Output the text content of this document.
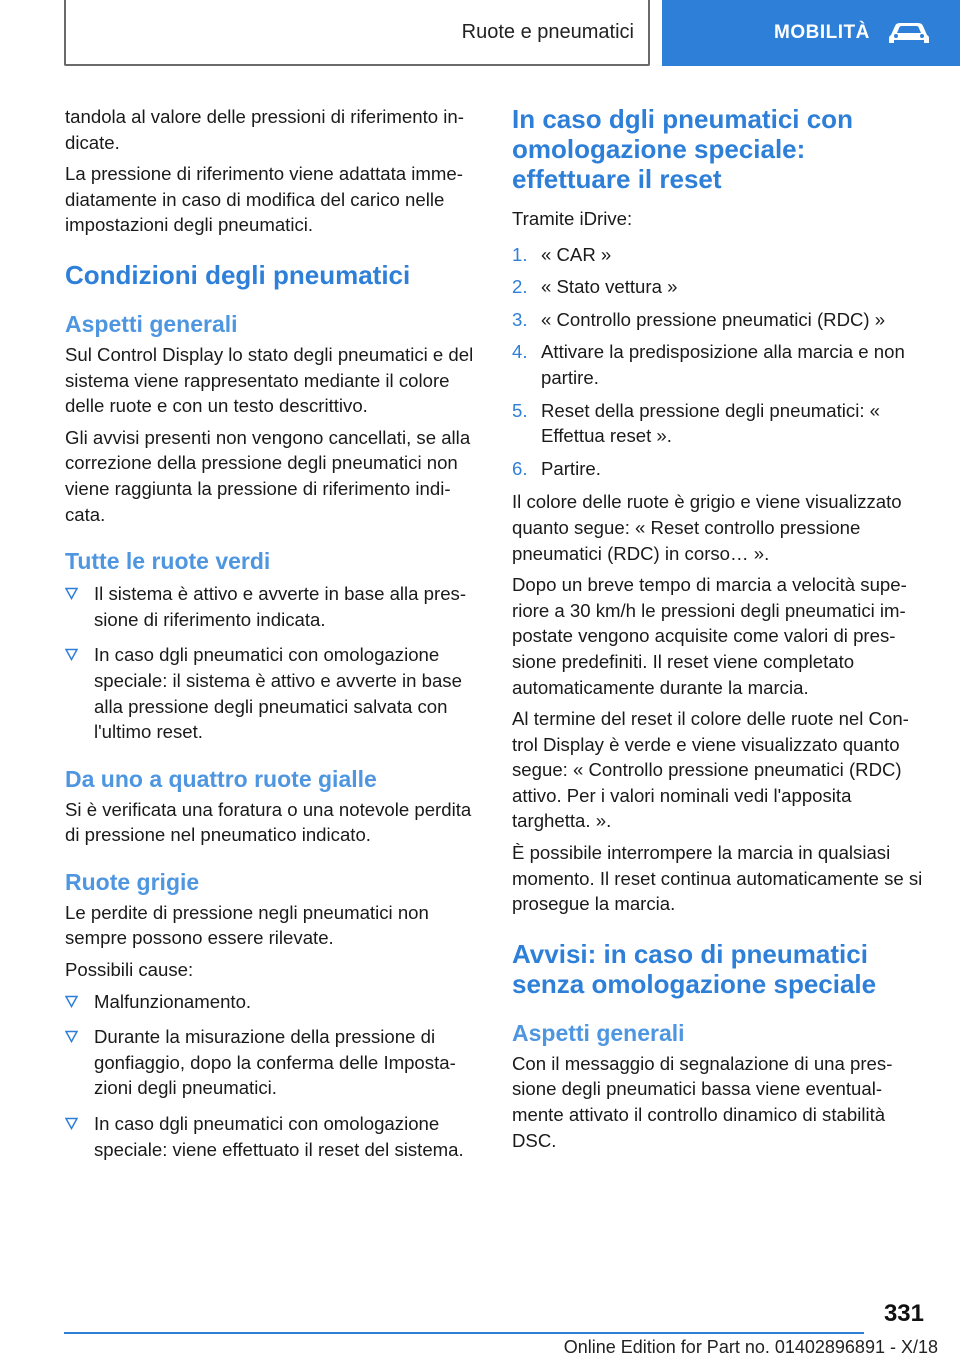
Ruote e pneumatici	MOBILITÀ

tandola al valore delle pressioni di riferimento indicate.

La pressione di riferimento viene adattata immediatamente in caso di modifica del carico nelle impostazioni degli pneumatici.

Condizioni degli pneumatici
Aspetti generali

Sul Control Display lo stato degli pneumatici e del sistema viene rappresentato mediante il colore delle ruote e con un testo descrittivo.

Gli avvisi presenti non vengono cancellati, se alla correzione della pressione degli pneumatici non viene raggiunta la pressione di riferimento indicata.

Tutte le ruote verdi
Il sistema è attivo e avverte in base alla pressione di riferimento indicata.
In caso dgli pneumatici con omologazione speciale: il sistema è attivo e avverte in base alla pressione degli pneumatici salvata con l'ultimo reset.
Da uno a quattro ruote gialle

Si è verificata una foratura o una notevole perdita di pressione nel pneumatico indicato.

Ruote grigie

Le perdite di pressione negli pneumatici non sempre possono essere rilevate.

Possibili cause:

Malfunzionamento.
Durante la misurazione della pressione di gonfiaggio, dopo la conferma delle Impostazioni degli pneumatici.
In caso dgli pneumatici con omologazione speciale: viene effettuato il reset del sistema.
In caso dgli pneumatici con omologazione speciale: effettuare il reset

Tramite iDrive:

1. « CAR »
2. « Stato vettura »
3. « Controllo pressione pneumatici (RDC) »
4. Attivare la predisposizione alla marcia e non partire.
5. Reset della pressione degli pneumatici: « Effettua reset ».
6. Partire.

Il colore delle ruote è grigio e viene visualizzato quanto segue: « Reset controllo pressione pneumatici (RDC) in corso… ».

Dopo un breve tempo di marcia a velocità superiore a 30 km/h le pressioni degli pneumatici impostate vengono acquisite come valori di pressione predefiniti. Il reset viene completato automaticamente durante la marcia.

Al termine del reset il colore delle ruote nel Control Display è verde e viene visualizzato quanto segue: « Controllo pressione pneumatici (RDC) attivo. Per i valori nominali vedi l'apposita targhetta. ».

È possibile interrompere la marcia in qualsiasi momento. Il reset continua automaticamente se si prosegue la marcia.

Avvisi: in caso di pneumatici senza omologazione speciale
Aspetti generali

Con il messaggio di segnalazione di una pressione degli pneumatici bassa viene eventualmente attivato il controllo dinamico di stabilità DSC.

331
Online Edition for Part no. 01402896891 - X/18
